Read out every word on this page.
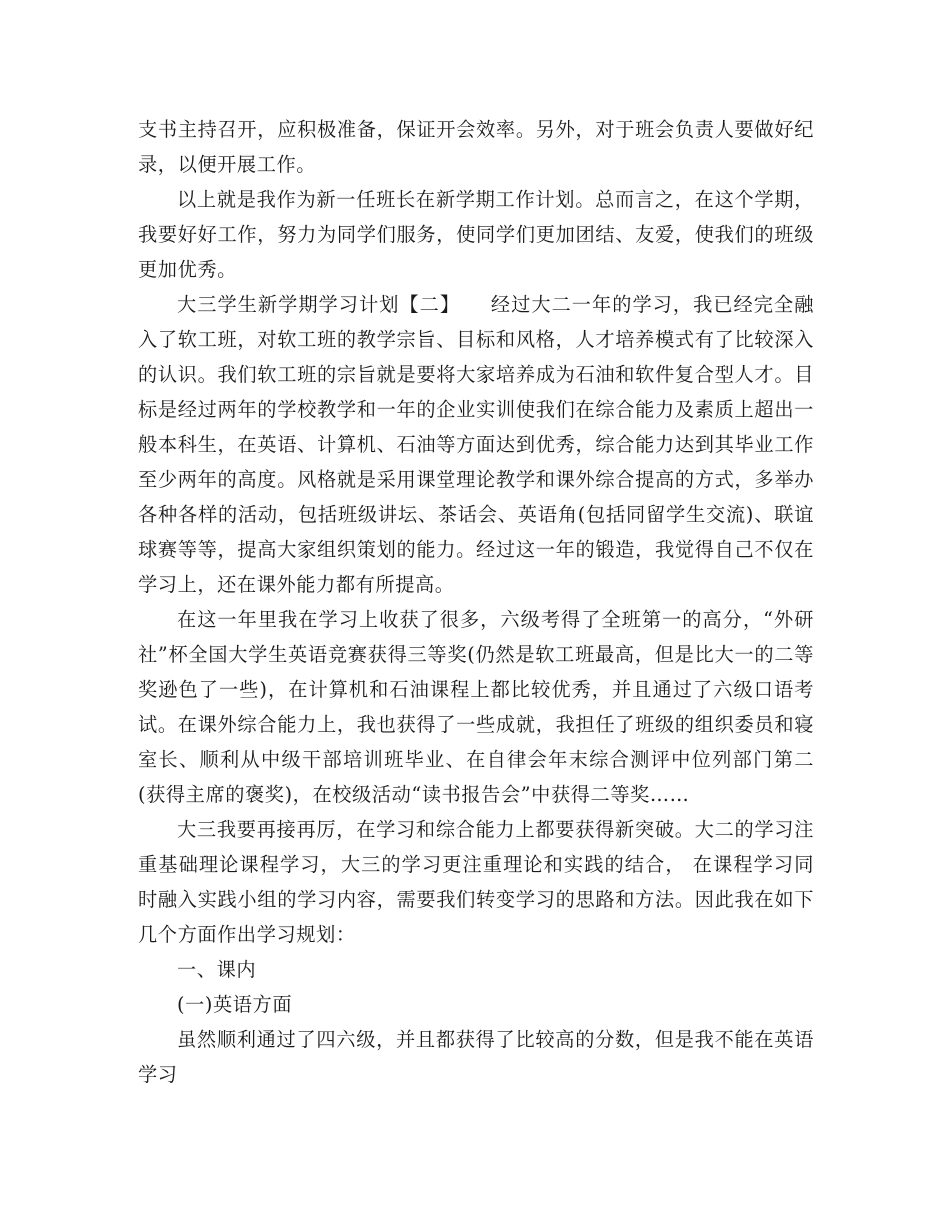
支书主持召开，应积极准备，保证开会效率。另外，对于班会负责人要做好纪录，以便开展工作。

以上就是我作为新一任班长在新学期工作计划。总而言之，在这个学期，我要好好工作，努力为同学们服务，使同学们更加团结、友爱，使我们的班级更加优秀。

大三学生新学期学习计划【二】　　经过大二一年的学习，我已经完全融入了软工班，对软工班的教学宗旨、目标和风格，人才培养模式有了比较深入的认识。我们软工班的宗旨就是要将大家培养成为石油和软件复合型人才。目标是经过两年的学校教学和一年的企业实训使我们在综合能力及素质上超出一般本科生，在英语、计算机、石油等方面达到优秀，综合能力达到其毕业工作至少两年的高度。风格就是采用课堂理论教学和课外综合提高的方式，多举办各种各样的活动，包括班级讲坛、茶话会、英语角(包括同留学生交流)、联谊球赛等等，提高大家组织策划的能力。经过这一年的锻造，我觉得自己不仅在学习上，还在课外能力都有所提高。

在这一年里我在学习上收获了很多，六级考得了全班第一的高分，“外研社”杯全国大学生英语竞赛获得三等奖(仍然是软工班最高，但是比大一的二等奖逊色了一些)，在计算机和石油课程上都比较优秀，并且通过了六级口语考试。在课外综合能力上，我也获得了一些成就，我担任了班级的组织委员和寝室长、顺利从中级干部培训班毕业、在自律会年末综合测评中位列部门第二(获得主席的褒奖)，在校级活动“读书报告会”中获得二等奖……

大三我要再接再厉，在学习和综合能力上都要获得新突破。大二的学习注重基础理论课程学习，大三的学习更注重理论和实践的结合， 在课程学习同时融入实践小组的学习内容，需要我们转变学习的思路和方法。因此我在如下几个方面作出学习规划：

一、课内

(一)英语方面

虽然顺利通过了四六级，并且都获得了比较高的分数，但是我不能在英语学习
